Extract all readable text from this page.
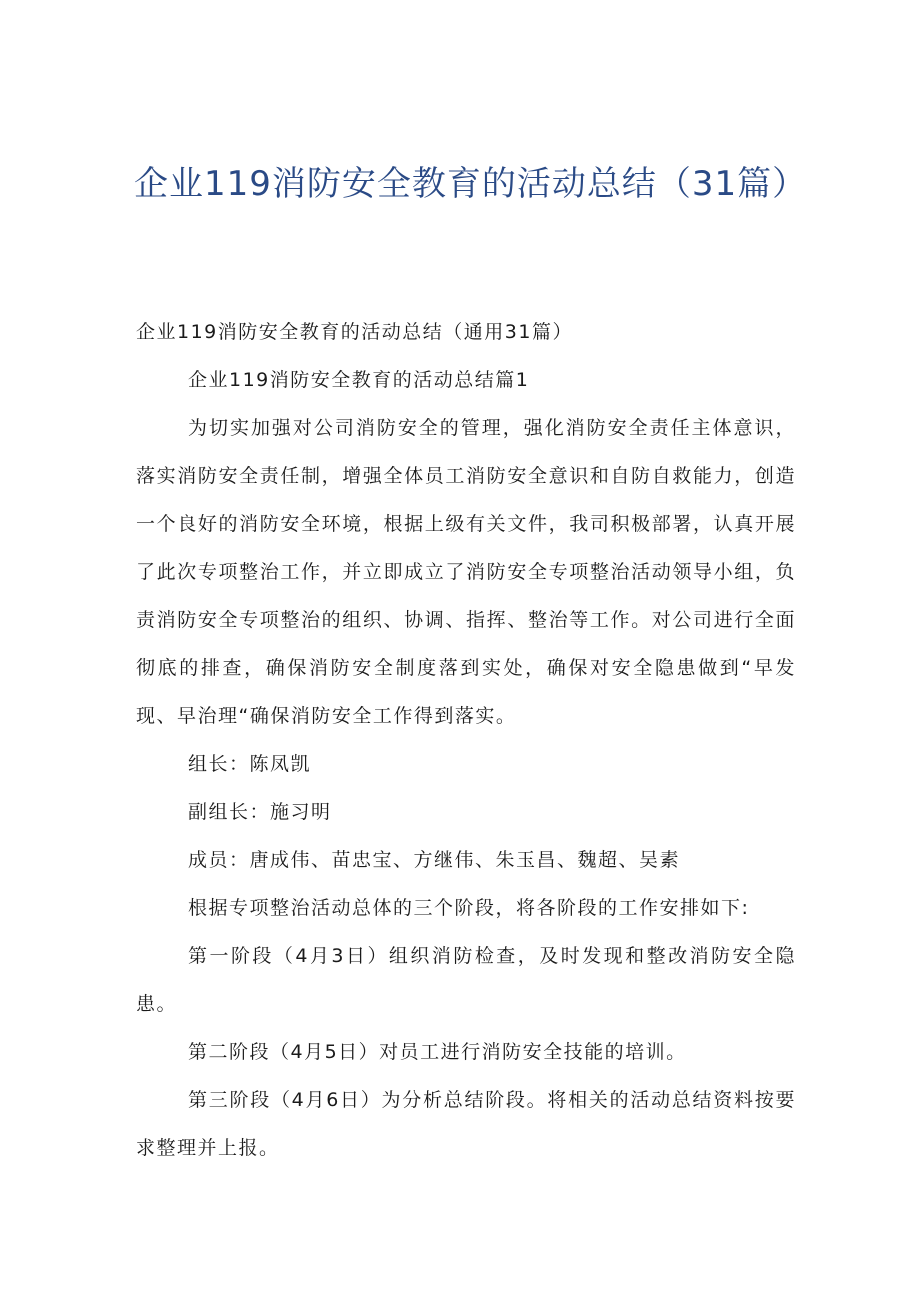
企业119消防安全教育的活动总结（31篇）

企业119消防安全教育的活动总结（通用31篇）

企业119消防安全教育的活动总结篇1

为切实加强对公司消防安全的管理，强化消防安全责任主体意识，落实消防安全责任制，增强全体员工消防安全意识和自防自救能力，创造一个良好的消防安全环境，根据上级有关文件，我司积极部署，认真开展了此次专项整治工作，并立即成立了消防安全专项整治活动领导小组，负责消防安全专项整治的组织、协调、指挥、整治等工作。对公司进行全面彻底的排查，确保消防安全制度落到实处，确保对安全隐患做到“早发现、早治理“确保消防安全工作得到落实。

组长：陈凤凯

副组长：施习明

成员：唐成伟、苗忠宝、方继伟、朱玉昌、魏超、吴素

根据专项整治活动总体的三个阶段，将各阶段的工作安排如下:

第一阶段（4月3日）组织消防检查，及时发现和整改消防安全隐患。

第二阶段（4月5日）对员工进行消防安全技能的培训。

第三阶段（4月6日）为分析总结阶段。将相关的活动总结资料按要求整理并上报。
